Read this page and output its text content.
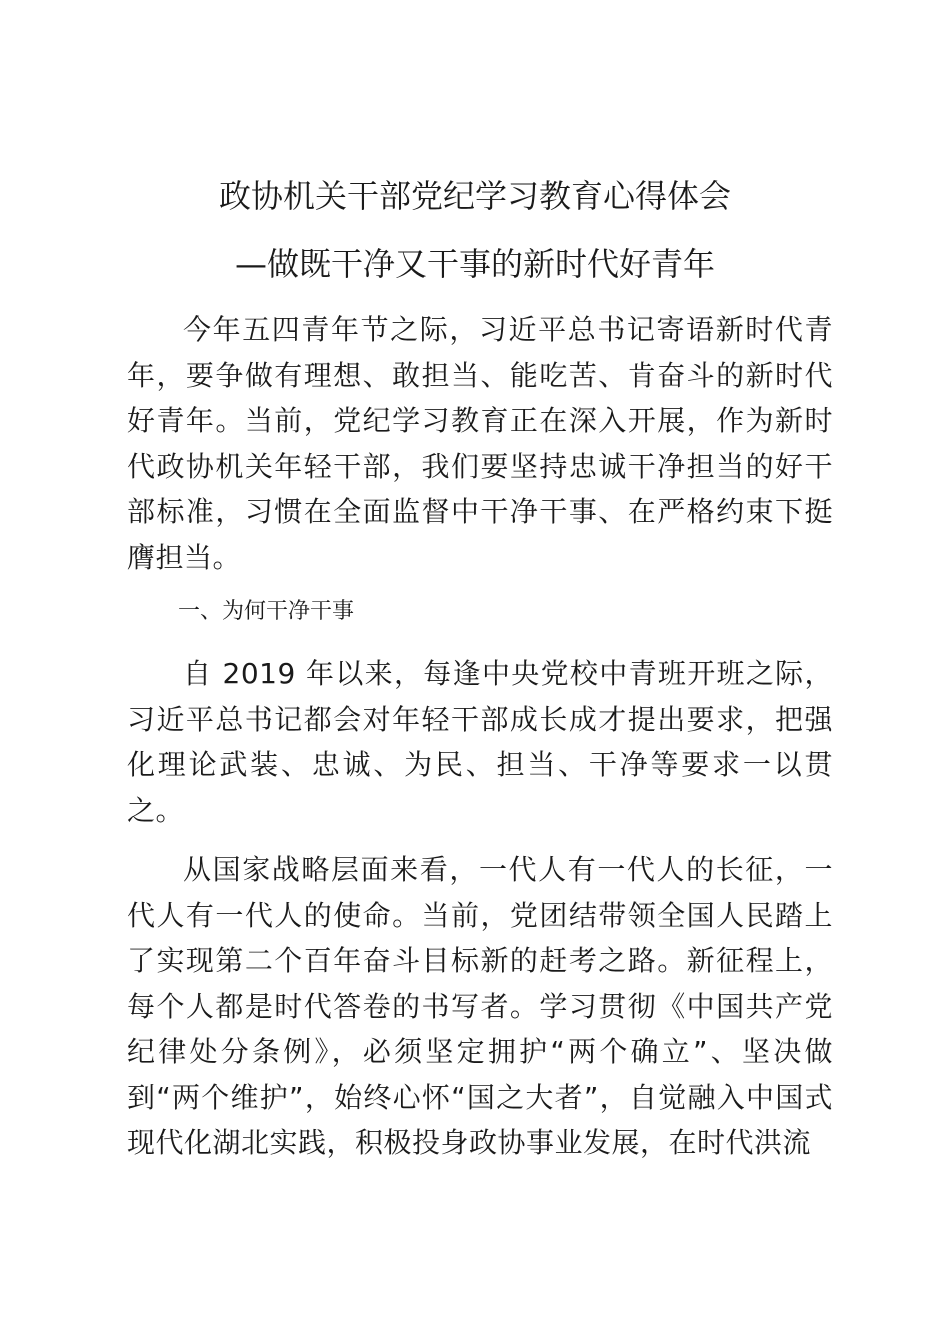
政协机关干部党纪学习教育心得体会
—做既干净又干事的新时代好青年

今年五四青年节之际，习近平总书记寄语新时代青年，要争做有理想、敢担当、能吃苦、肯奋斗的新时代好青年。当前，党纪学习教育正在深入开展，作为新时代政协机关年轻干部，我们要坚持忠诚干净担当的好干部标准，习惯在全面监督中干净干事、在严格约束下挺膺担当。

一、为何干净干事

自 2019 年以来，每逢中央党校中青班开班之际，习近平总书记都会对年轻干部成长成才提出要求，把强化理论武装、忠诚、为民、担当、干净等要求一以贯之。

从国家战略层面来看，一代人有一代人的长征，一代人有一代人的使命。当前，党团结带领全国人民踏上了实现第二个百年奋斗目标新的赶考之路。新征程上，每个人都是时代答卷的书写者。学习贯彻《中国共产党纪律处分条例》，必须坚定拥护“两个确立”、坚决做到“两个维护”，始终心怀“国之大者”，自觉融入中国式现代化湖北实践，积极投身政协事业发展，在时代洪流
